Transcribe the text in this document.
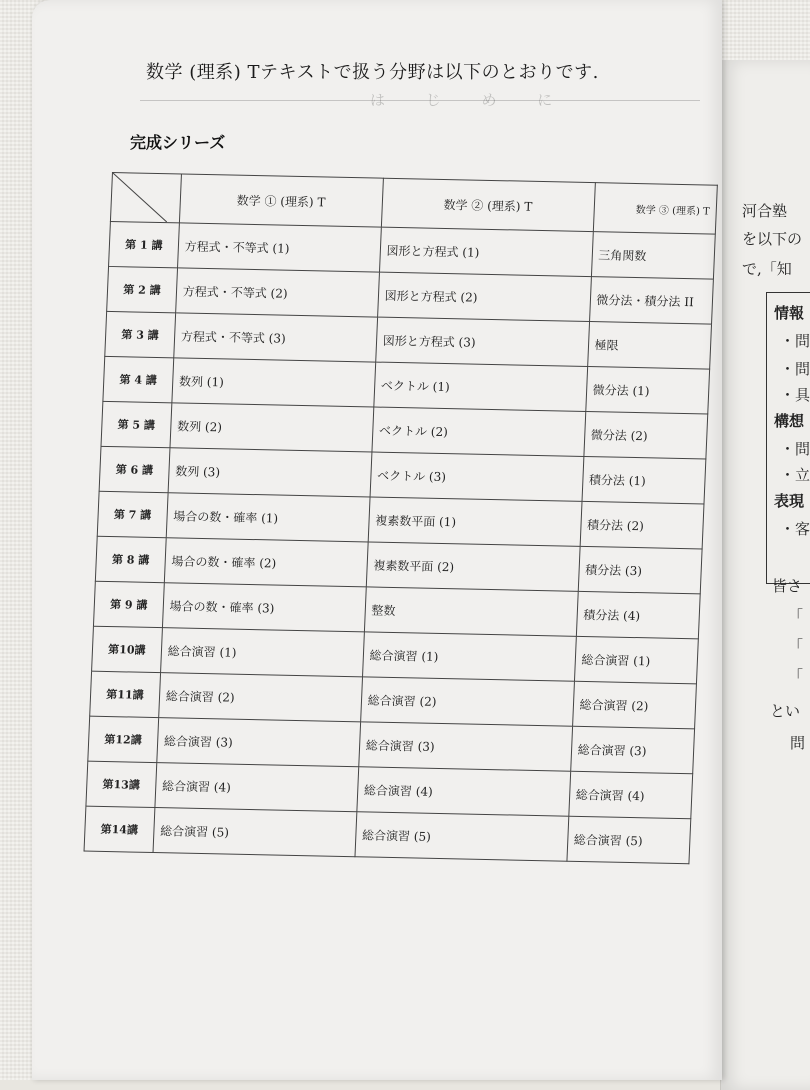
河合塾
を以下の
で,「知
情報
・問
・問
・具
構想
・問
・立
表現
・客
皆さ
「
「
「
とい
問
数学 (理系) Tテキストで扱う分野は以下のとおりです.
は じ め に
完成シリーズ
	数学 ① (理系) T	数学 ② (理系) T	数学 ③ (理系) T
第 1 講	方程式・不等式 (1)	図形と方程式 (1)	三角関数
第 2 講	方程式・不等式 (2)	図形と方程式 (2)	微分法・積分法 II
第 3 講	方程式・不等式 (3)	図形と方程式 (3)	極限
第 4 講	数列 (1)	ベクトル (1)	微分法 (1)
第 5 講	数列 (2)	ベクトル (2)	微分法 (2)
第 6 講	数列 (3)	ベクトル (3)	積分法 (1)
第 7 講	場合の数・確率 (1)	複素数平面 (1)	積分法 (2)
第 8 講	場合の数・確率 (2)	複素数平面 (2)	積分法 (3)
第 9 講	場合の数・確率 (3)	整数	積分法 (4)
第10講	総合演習 (1)	総合演習 (1)	総合演習 (1)
第11講	総合演習 (2)	総合演習 (2)	総合演習 (2)
第12講	総合演習 (3)	総合演習 (3)	総合演習 (3)
第13講	総合演習 (4)	総合演習 (4)	総合演習 (4)
第14講	総合演習 (5)	総合演習 (5)	総合演習 (5)
